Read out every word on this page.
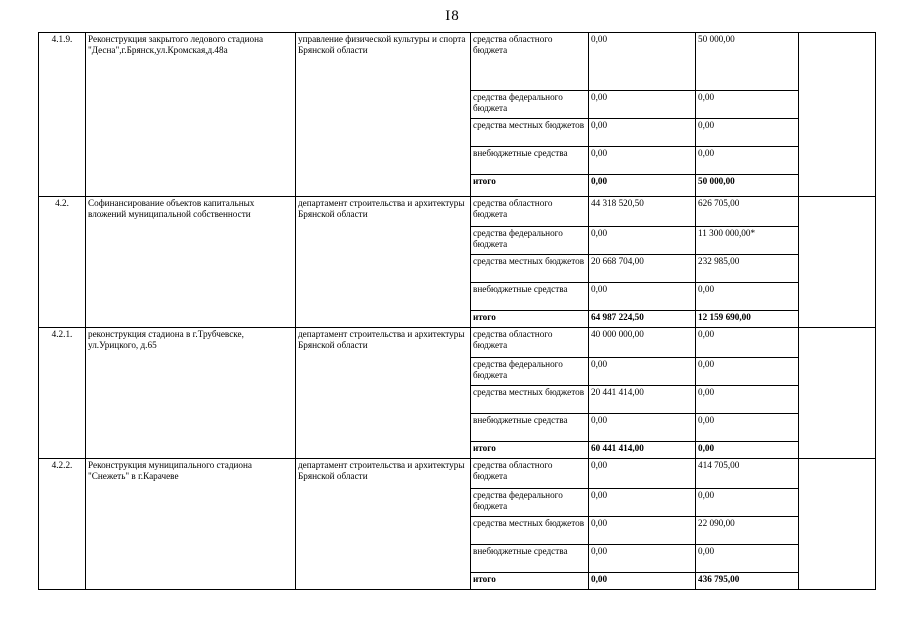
I8
4.1.9.	Реконструкция закрытого ледового стадиона "Десна",г.Брянск,ул.Кромская,д.48а	управление физической культуры и спорта Брянской области	средства областного бюджета	0,00	50 000,00	
			средства федерального бюджета	0,00	0,00	
			средства местных бюджетов	0,00	0,00	
			внебюджетные средства	0,00	0,00	
			итого	0,00	50 000,00	
4.2.	Софинансирование объектов капитальных вложений муниципальной собственности	департамент строительства и архитектуры Брянской области	средства областного бюджета	44 318 520,50	626 705,00	
			средства федерального бюджета	0,00	11 300 000,00*	
			средства местных бюджетов	20 668 704,00	232 985,00	
			внебюджетные средства	0,00	0,00	
			итого	64 987 224,50	12 159 690,00	
4.2.1.	реконструкция стадиона в г.Трубчевске, ул.Урицкого, д.65	департамент строительства и архитектуры Брянской области	средства областного бюджета	40 000 000,00	0,00	
			средства федерального бюджета	0,00	0,00	
			средства местных бюджетов	20 441 414,00	0,00	
			внебюджетные средства	0,00	0,00	
			итого	60 441 414,00	0,00	
4.2.2.	Реконструкция муниципального стадиона "Снежеть" в г.Карачеве	департамент строительства и архитектуры Брянской области	средства областного бюджета	0,00	414 705,00	
			средства федерального бюджета	0,00	0,00	
			средства местных бюджетов	0,00	22 090,00	
			внебюджетные средства	0,00	0,00	
			итого	0,00	436 795,00	
